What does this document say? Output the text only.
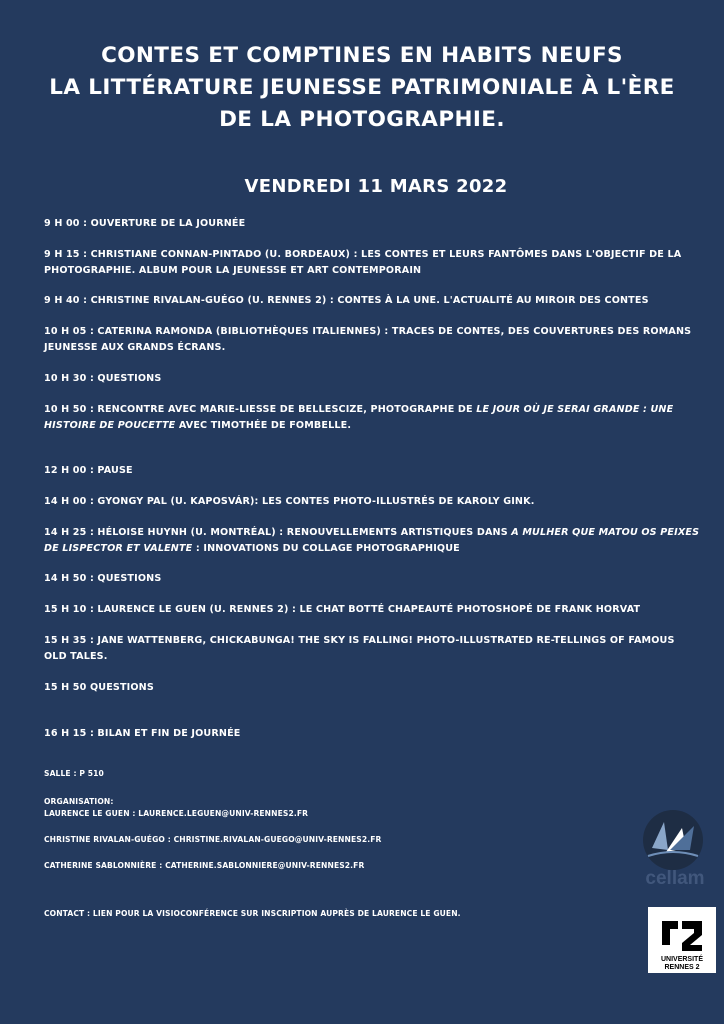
CONTES ET COMPTINES EN HABITS NEUFS
LA LITTÉRATURE JEUNESSE PATRIMONIALE À L'ÈRE
DE LA PHOTOGRAPHIE.
VENDREDI 11 MARS 2022
9 H 00 : OUVERTURE DE LA JOURNÉE
9 H 15 : CHRISTIANE CONNAN-PINTADO (U. BORDEAUX) : LES CONTES ET LEURS FANTÔMES DANS L'OBJECTIF DE LA PHOTOGRAPHIE. ALBUM POUR LA JEUNESSE ET ART CONTEMPORAIN
9 H 40 : CHRISTINE RIVALAN-GUÉGO (U. RENNES 2) : CONTES À LA UNE. L'ACTUALITÉ AU MIROIR DES CONTES
10 H 05 : CATERINA RAMONDA (BIBLIOTHÈQUES ITALIENNES) : TRACES DE CONTES, DES COUVERTURES DES ROMANS JEUNESSE AUX GRANDS ÉCRANS.
10 H 30 : QUESTIONS
10 H 50 : RENCONTRE AVEC MARIE-LIESSE DE BELLESCIZE, PHOTOGRAPHE DE LE JOUR OÙ JE SERAI GRANDE : UNE HISTOIRE DE POUCETTE AVEC TIMOTHÉE DE FOMBELLE.
12 H 00 : PAUSE
14 H 00 : GYONGY PAL (U. KAPOSVÁR): LES CONTES PHOTO-ILLUSTRÉS DE KAROLY GINK.
14 H 25 : HÉLOISE HUYNH (U. MONTRÉAL) : RENOUVELLEMENTS ARTISTIQUES DANS A MULHER QUE MATOU OS PEIXES DE LISPECTOR ET VALENTE : INNOVATIONS DU COLLAGE PHOTOGRAPHIQUE
14 H 50 : QUESTIONS
15 H 10 : LAURENCE LE GUEN (U. RENNES 2) : LE CHAT BOTTÉ CHAPEAUTÉ PHOTOSHOPÉ DE FRANK HORVAT
15 H 35 : JANE WATTENBERG, CHICKABUNGA! THE SKY IS FALLING! PHOTO-ILLUSTRATED RE-TELLINGS OF FAMOUS OLD TALES.
15 H 50 QUESTIONS
16 H 15 : BILAN ET FIN DE JOURNÉE
SALLE : P 510
ORGANISATION:
LAURENCE LE GUEN : LAURENCE.LEGUEN@UNIV-RENNES2.FR
CHRISTINE RIVALAN-GUÉGO : CHRISTINE.RIVALAN-GUEGO@UNIV-RENNES2.FR
CATHERINE SABLONNIÈRE : CATHERINE.SABLONNIERE@UNIV-RENNES2.FR
CONTACT : LIEN POUR LA VISIOCONFÉRENCE SUR INSCRIPTION AUPRÈS DE LAURENCE LE GUEN.
cellam
UNIVERSITÉ
RENNES 2
